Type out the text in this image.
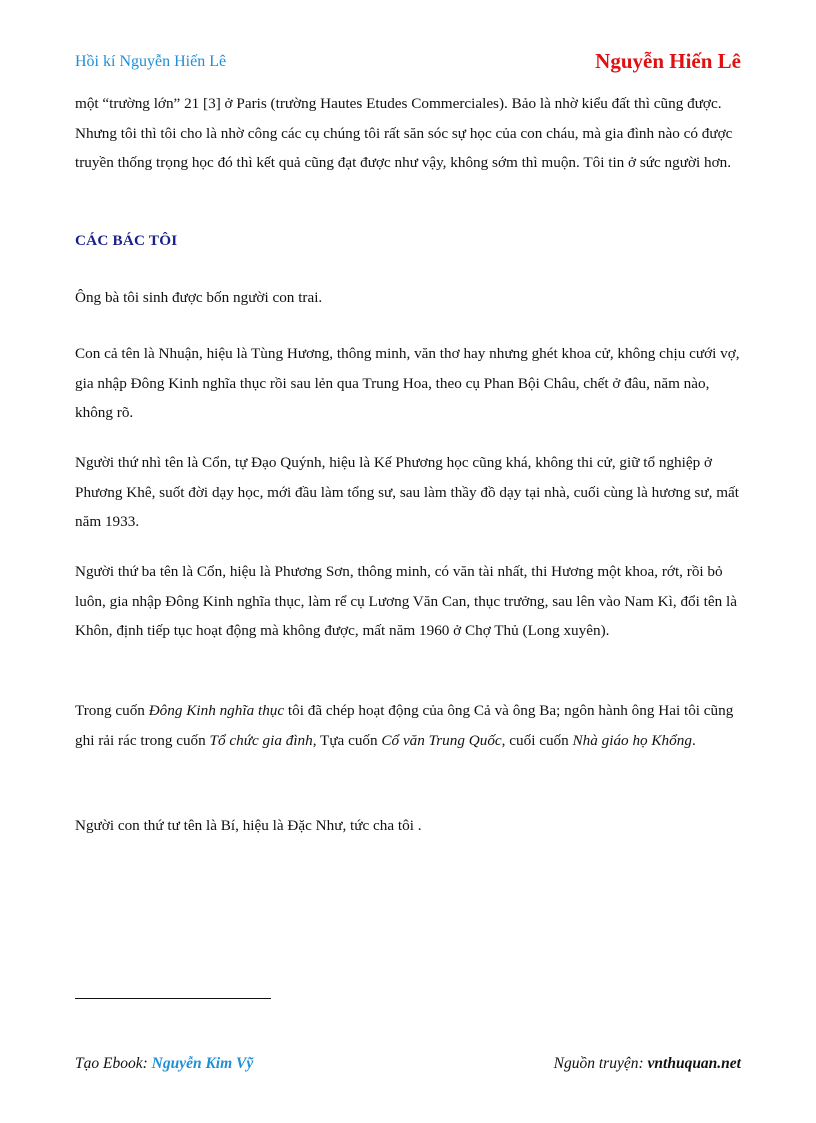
Hồi kí Nguyễn Hiến Lê	Nguyễn Hiến Lê

một “trường lớn” 21 [3] ở Paris (trường Hautes Etudes Commerciales). Bảo là nhờ kiểu đất thì cũng được. Nhưng tôi thì tôi cho là nhờ công các cụ chúng tôi rất săn sóc sự học của con cháu, mà gia đình nào có được truyền thống trọng học đó thì kết quả cũng đạt được như vậy, không sớm thì muộn. Tôi tin ở sức người hơn.

CÁC BÁC TÔI

Ông bà tôi sinh được bốn người con trai.

Con cả tên là Nhuận, hiệu là Tùng Hương, thông minh, văn thơ hay nhưng ghét khoa cử, không chịu cưới vợ, gia nhập Đông Kinh nghĩa thục rồi sau lẻn qua Trung Hoa, theo cụ Phan Bội Châu, chết ở đâu, năm nào, không rõ.

Người thứ nhì tên là Cổn, tự Đạo Quýnh, hiệu là Kế Phương học cũng khá, không thi cử, giữ tổ nghiệp ở Phương Khê, suốt đời dạy học, mới đầu làm tổng sư, sau làm thầy đồ dạy tại nhà, cuối cùng là hương sư, mất năm 1933.

Người thứ ba tên là Cổn, hiệu là Phương Sơn, thông minh, có văn tài nhất, thi Hương một khoa, rớt, rồi bỏ luôn, gia nhập Đông Kinh nghĩa thục, làm rể cụ Lương Văn Can, thục trưởng, sau lên vào Nam Kì, đổi tên là Khôn, định tiếp tục hoạt động mà không được, mất năm 1960 ở Chợ Thủ (Long xuyên).

Trong cuốn Đông Kinh nghĩa thục tôi đã chép hoạt động của ông Cả và ông Ba; ngôn hành ông Hai tôi cũng ghi rải rác trong cuốn Tổ chức gia đình, Tựa cuốn Cổ văn Trung Quốc, cuối cuốn Nhà giáo họ Khổng.

Người con thứ tư tên là Bí, hiệu là Đặc Như, tức cha tôi .

Tạo Ebook: Nguyễn Kim Vỹ	Nguồn truyện: vnthuquan.net
